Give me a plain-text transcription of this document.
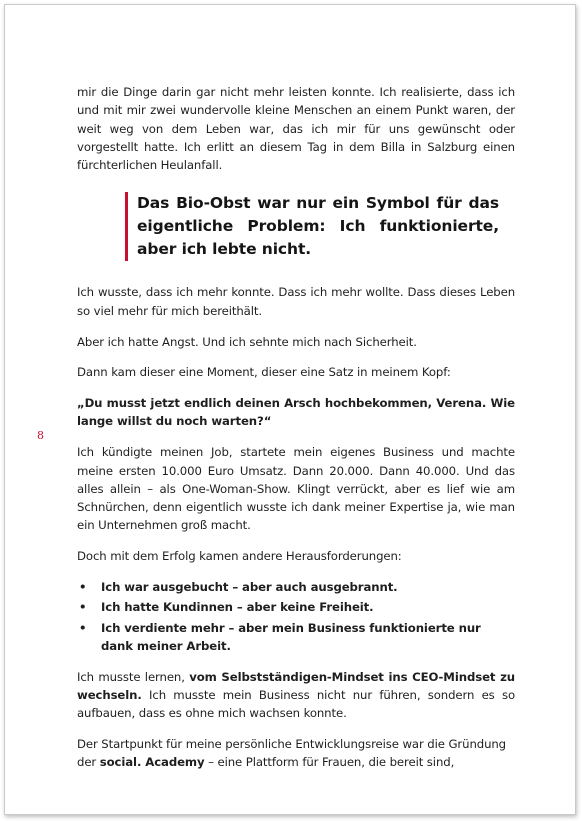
8

mir die Dinge darin gar nicht mehr leisten konnte. Ich realisierte, dass ich und mit mir zwei wundervolle kleine Menschen an einem Punkt waren, der weit weg von dem Leben war, das ich mir für uns gewünscht oder vorgestellt hatte. Ich erlitt an diesem Tag in dem Billa in Salzburg einen fürchterlichen Heulanfall.

Das Bio-Obst war nur ein Symbol für das eigentliche Problem: Ich funktionierte, aber ich lebte nicht.

Ich wusste, dass ich mehr konnte. Dass ich mehr wollte. Dass dieses Leben so viel mehr für mich bereithält.

Aber ich hatte Angst. Und ich sehnte mich nach Sicherheit.

Dann kam dieser eine Moment, dieser eine Satz in meinem Kopf:

„Du musst jetzt endlich deinen Arsch hochbekommen, Verena. Wie lange willst du noch warten?“

Ich kündigte meinen Job, startete mein eigenes Business und machte meine ersten 10.000 Euro Umsatz. Dann 20.000. Dann 40.000. Und das alles allein – als One-Woman-Show. Klingt verrückt, aber es lief wie am Schnürchen, denn eigentlich wusste ich dank meiner Expertise ja, wie man ein Unternehmen groß macht.

Doch mit dem Erfolg kamen andere Herausforderungen:

• Ich war ausgebucht – aber auch ausgebrannt.
• Ich hatte Kundinnen – aber keine Freiheit.
• Ich verdiente mehr – aber mein Business funktionierte nur dank meiner Arbeit.

Ich musste lernen, vom Selbstständigen-Mindset ins CEO-Mindset zu wechseln. Ich musste mein Business nicht nur führen, sondern es so aufbauen, dass es ohne mich wachsen konnte.

Der Startpunkt für meine persönliche Entwicklungsreise war die Gründung der social. Academy – eine Plattform für Frauen, die bereit sind,
